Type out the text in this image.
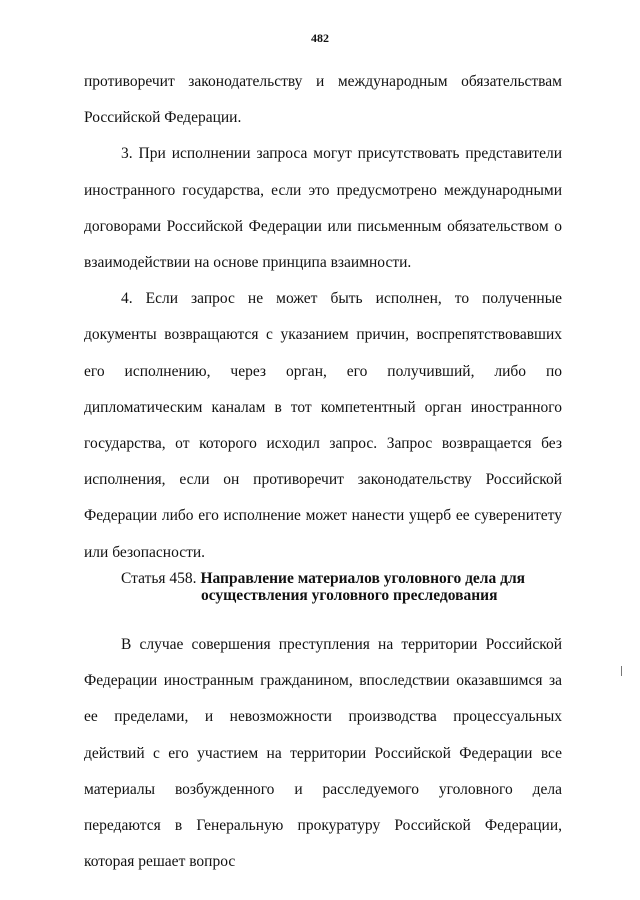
482

противоречит законодательству и международным обязательствам Российской Федерации.

3. При исполнении запроса могут присутствовать представители иностранного государства, если это предусмотрено международными договорами Российской Федерации или письменным обязательством о взаимодействии на основе принципа взаимности.

4. Если запрос не может быть исполнен, то полученные документы возвращаются с указанием причин, воспрепятствовавших его исполнению, через орган, его получивший, либо по дипломатическим каналам в тот компетентный орган иностранного государства, от которого исходил запрос. Запрос возвращается без исполнения, если он противоречит законодательству Российской Федерации либо его исполнение может нанести ущерб ее суверенитету или безопасности.

Статья 458. Направление материалов уголовного дела для
осуществления уголовного преследования

В случае совершения преступления на территории Российской Федерации иностранным гражданином, впоследствии оказавшимся за ее пределами, и невозможности производства процессуальных действий с его участием на территории Российской Федерации все материалы возбужденного и расследуемого уголовного дела передаются в Генеральную прокуратуру Российской Федерации, которая решает вопрос
